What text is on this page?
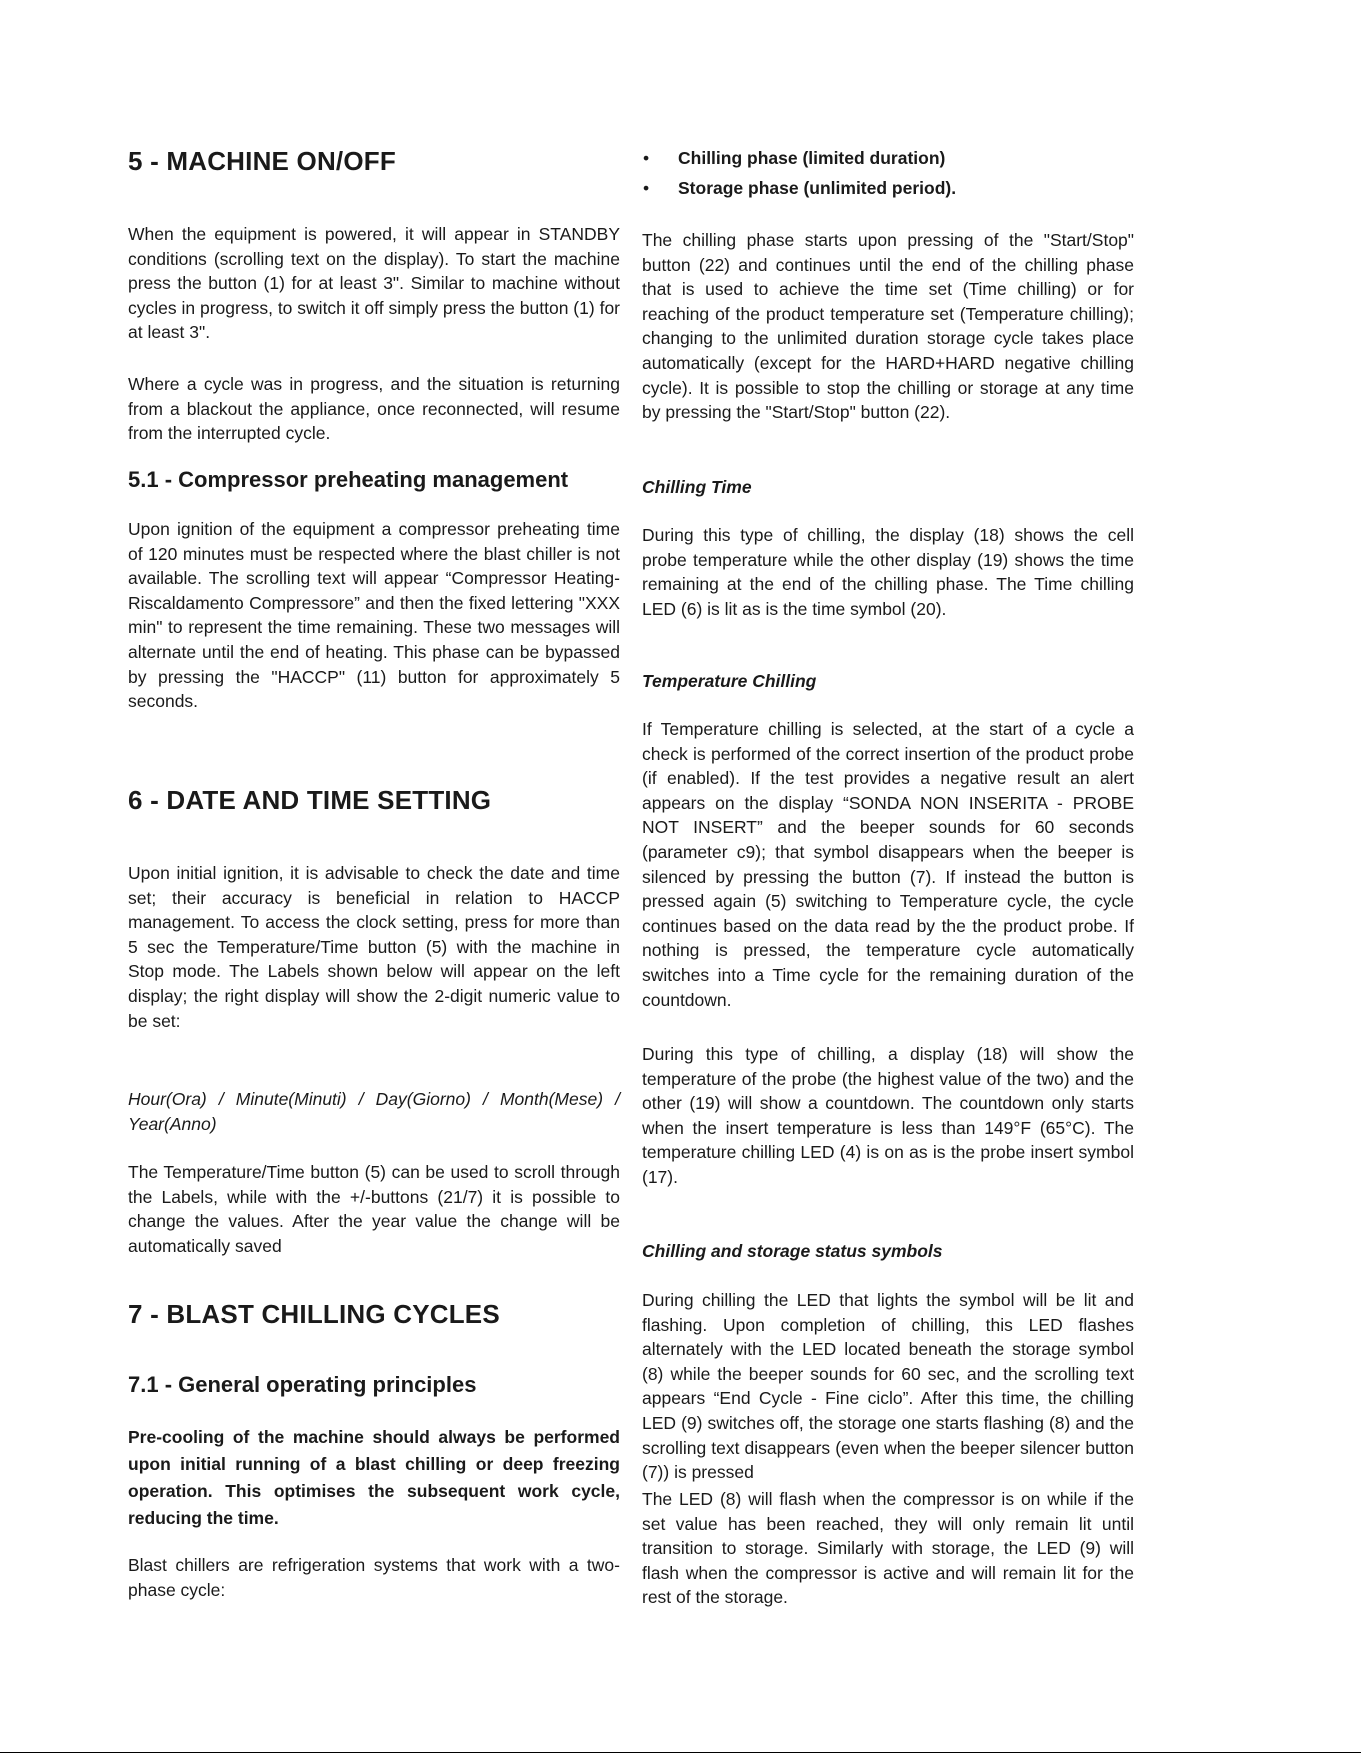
5 - MACHINE ON/OFF

When the equipment is powered, it will appear in STANDBY conditions (scrolling text on the display). To start the machine press the button (1) for at least 3". Similar to machine without cycles in progress, to switch it off simply press the button (1) for at least 3".

Where a cycle was in progress, and the situation is returning from a blackout the appliance, once reconnected, will resume from the interrupted cycle.

5.1 - Compressor preheating management

Upon ignition of the equipment a compressor preheating time of 120 minutes must be respected where the blast chiller is not available. The scrolling text will appear “Compressor Heating-Riscaldamento Compressore” and then the fixed lettering "XXX min" to represent the time remaining. These two messages will alternate until the end of heating. This phase can be bypassed by pressing the "HACCP" (11) button for approximately 5 seconds.

6 - DATE AND TIME SETTING

Upon initial ignition, it is advisable to check the date and time set; their accuracy is beneficial in relation to HACCP management. To access the clock setting, press for more than 5 sec the Temperature/Time button (5) with the machine in Stop mode. The Labels shown below will appear on the left display; the right display will show the 2-digit numeric value to be set:

Hour(Ora) / Minute(Minuti) / Day(Giorno) / Month(Mese) / Year(Anno)

The Temperature/Time button (5) can be used to scroll through the Labels, while with the +/-buttons (21/7) it is possible to change the values. After the year value the change will be automatically saved

7 - BLAST CHILLING CYCLES
7.1 - General operating principles

Pre-cooling of the machine should always be performed upon initial running of a blast chilling or deep freezing operation. This optimises the subsequent work cycle, reducing the time.

Blast chillers are refrigeration systems that work with a two-phase cycle:

• Chilling phase (limited duration)
• Storage phase (unlimited period).

The chilling phase starts upon pressing of the "Start/Stop" button (22) and continues until the end of the chilling phase that is used to achieve the time set (Time chilling) or for reaching of the product temperature set (Temperature chilling); changing to the unlimited duration storage cycle takes place automatically (except for the HARD+HARD negative chilling cycle). It is possible to stop the chilling or storage at any time by pressing the "Start/Stop" button (22).

Chilling Time

During this type of chilling, the display (18) shows the cell probe temperature while the other display (19) shows the time remaining at the end of the chilling phase. The Time chilling LED (6) is lit as is the time symbol (20).

Temperature Chilling

If Temperature chilling is selected, at the start of a cycle a check is performed of the correct insertion of the product probe (if enabled). If the test provides a negative result an alert appears on the display “SONDA NON INSERITA - PROBE NOT INSERT” and the beeper sounds for 60 seconds (parameter c9); that symbol disappears when the beeper is silenced by pressing the button (7). If instead the button is pressed again (5) switching to Temperature cycle, the cycle continues based on the data read by the the product probe. If nothing is pressed, the temperature cycle automatically switches into a Time cycle for the remaining duration of the countdown.

During this type of chilling, a display (18) will show the temperature of the probe (the highest value of the two) and the other (19) will show a countdown. The countdown only starts when the insert temperature is less than 149°F (65°C). The temperature chilling LED (4) is on as is the probe insert symbol (17).

Chilling and storage status symbols

During chilling the LED that lights the symbol will be lit and flashing. Upon completion of chilling, this LED flashes alternately with the LED located beneath the storage symbol (8) while the beeper sounds for 60 sec, and the scrolling text appears “End Cycle - Fine ciclo”. After this time, the chilling LED (9) switches off, the storage one starts flashing (8) and the scrolling text disappears (even when the beeper silencer button (7)) is pressed

The LED (8) will flash when the compressor is on while if the set value has been reached, they will only remain lit until transition to storage. Similarly with storage, the LED (9) will flash when the compressor is active and will remain lit for the rest of the storage.
